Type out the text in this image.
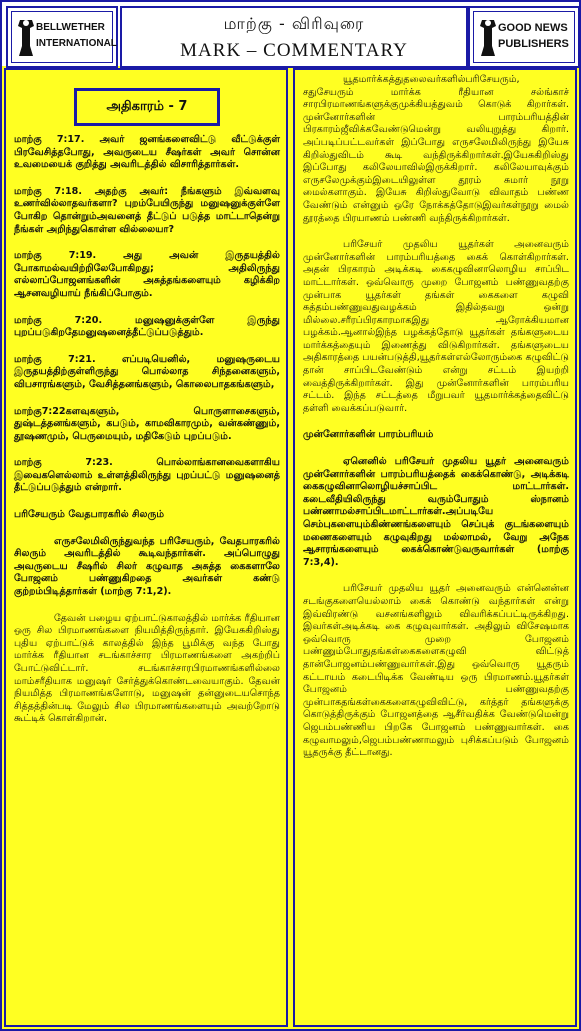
BELLWETHER
INTERNATIONAL
மாற்கு - விரிவுரை
MARK – COMMENTARY
GOOD NEWS
PUBLISHERS
அதிகாரம் - 7

மாற்கு 7:17. அவர் ஜனங்களைவிட்டு வீட்டுக்குள் பிரவேசித்தபோது, அவருடைய சீஷர்கள் அவர் சொன்ன உவமையைக் குறித்து அவரிடத்தில் விசாரித்தார்கள்.

மாற்கு 7:18. அதற்கு அவர்: நீங்களும் இவ்வளவு உணர்வில்லாதவர்களா? புறம்பேயிருந்து மனுஷனுக்குள்ளே போகிற தொன்றும்அவனைத் தீட்டுப் படுத்த மாட்டாதென்று நீங்கள் அறிந்துகொள்ள வில்லையா?

மாற்கு 7:19. அது அவன் இருதயத்தில் போகாமல்வயிற்றிலேபோகிறது; அதிலிருந்து எல்லாப்போஜனங்களின் அசுத்தங்களையும் கழிக்கிற ஆசனவழியாய் நீங்கிப்போகும்.

மாற்கு 7:20. மனுஷனுக்குள்ளே இருந்து புறப்படுகிறதேமனுஷனைத்தீட்டுப்படுத்தும்.

மாற்கு 7:21. எப்படியெனில், மனுஷருடைய இருதயத்திற்குள்ளிருந்து பொல்லாத சிந்தனைகளும், விபசாரங்களும், வேசித்தனங்களும், கொலைபாதகங்களும்,

மாற்கு7:22களவுகளும், பொருளாசைகளும், துஷ்டத்தனங்களும், கபடும், காமவிகாரமும், வன்கண்ணும், தூஷணமும், பெருமையும், மதிகேடும் புறப்படும்.

மாற்கு 7:23. பொல்லாங்கானவைகளாகிய இவைகளெல்லாம் உள்ளத்திலிருந்து புறப்பட்டு மனுஷனைத் தீட்டுப்படுத்தும் என்றார்.

பரிசேயரும் வேதபாரகரில் சிலரும்

எருசலேமிலிருந்துவந்த பரிசேயரும், வேதபாரகரில் சிலரும் அவரிடத்தில் கூடிவந்தார்கள். அப்பொழுது அவருடைய சீஷரில் சிலர் கழுவாத அசுத்த கைகளாலே போஜனம் பண்ணுகிறதை அவர்கள் கண்டு குற்றம்பிடித்தார்கள் (மாற்கு 7:1,2).

தேவன் பழைய ஏற்பாட்டுகாலத்தில் மார்க்க ரீதியான ஒரு சில பிரமாணங்களை நியமித்திருந்தார். இயேசுகிறிஸ்து புதிய ஏற்பாட்டுக் காலத்தில் இந்த பூமிக்கு வந்த போது மார்க்க ரீதியான சடங்காச்சார பிரமாணங்களை அகற்றிப் போட்டுவிட்டார். சடங்காச்சாரபிரமாணங்களில்லை மாம்சரீதியாக மனுஷர் சேர்த்துக்கொண்டவையாகும். தேவன் நியமித்த பிரமாணங்களோடு, மனுஷன் தன்னுடையசொந்த சித்தத்தின்படி மேலும் சில பிரமாணங்களையும் அவற்றோடு கூட்டிக் கொள்கிறான்.

யூதமார்க்கத்துதலைவர்களில்பரிசேயரும், சதுசேயரும் மார்க்க ரீதியான சல்ங்காச் சாரபிரமாணங்களுக்குமுக்கியத்துவம் கொடுக் கிறார்கள். முன்னோர்களின் பாரம்பரியத்தின் பிரகாரம்ஜீவிக்கவேண்டுமென்று வலியுறுத்து கிறார். அப்படிப்பட்டவர்கள் இப்போது எருசலேமிலிருந்து இயேசு கிறிஸ்துவிடம் கூடி வந்திருக்கிறார்கள்.இயேசுகிறிஸ்து இப்போது கலிலேயாவில்இருக்கிறார். கலிலேயாவுக்கும் எருசலேமுக்கும்இடையிலுள்ள தூரம் சுமார் நூறு மைல்களாகும். இயேசு கிறிஸ்துவோடு விவாதம் பண்ண வேண்டும் என்னும் ஒரே நோக்கத்தோடுஇவர்கள்நூறு மைல் தூரத்தை பிரயாணம் பண்ணி வந்திருக்கிறார்கள்.

பரிசேயர் முதலிய யூதர்கள் அனைவரும் முன்னோர்களின் பாரம்பரியத்தை கைக் கொள்கிறார்கள். அதன் பிரகாரம் அடிக்கடி கைகழுவினாலொழிய சாப்பிட மாட்டார்கள். ஒவ்வொரு முறை போஜனம் பண்ணுவதற்கு முன்பாக யூதர்கள் தங்கள் கைகளை கழுவி சுத்தம்பண்ணுவதுவழக்கம் இதில்தவறு ஒன்று மில்லை.சரீரப்பிரகாரமாகஇது ஆரோக்கியமான பழக்கம்.ஆனால்இந்த பழக்கத்தோடு யூதர்கள் தங்களுடைய மார்க்கத்தையும் இணைத்து விடுகிறார்கள். தங்களுடைய அதிகாரத்தை பயன்படுத்தி,யூதர்கள்எல்லோரும்கை கழுவிட்டு தான் சாப்பிடவேண்டும் என்று சட்டம் இயற்றி வைத்திருக்கிறார்கள். இது முன்னோர்களின் பாரம்பரிய சட்டம். இந்த சட்டத்தை மீறுபவர் யூதமார்க்கத்தைவிட்டு தள்ளி வைக்கப்படுவார்.

முன்னோர்களின் பாரம்பரியம்

ஏனெனில் பரிசேயர் முதலிய யூதர் அனைவரும் முன்னோர்களின் பாரம்பரியத்தைக் கைக்கொண்டு, அடிக்கடி கைகழுவினாலொழியச்சாப்பிட மாட்டார்கள். கடைவீதியிலிருந்து வரும்போதும் ஸ்நானம் பண்ணாமல்சாப்பிடமாட்டார்கள்.அப்படியே செம்புகளையும்கிண்ணங்களையும் செப்புக் குடங்களையும் மணைகளையும் கழுவுகிறது மல்லாமல், வேறு அநேக ஆசாரங்களையும் கைக்கொண்டுவருவார்கள் (மாற்கு 7:3,4).

பரிசேயர் முதலிய யூதர் அனைவரும் என்னென்ன சடங்குகளையெல்லாம் கைக் கொண்டு வந்தார்கள் என்று இவ்விரண்டு வசனங்களிலும் விவரிக்கப்பட்டிருக்கிறது. இவர்கள்அடிக்கடி கை கழுவுவார்கள். அதிலும் விசேஷமாக ஒவ்வொரு முறை போஜனம் பண்ணும்போதுதங்கள்கைகளைகழுவி விட்டுத் தான்போஜனம்பண்ணுவார்கள்.இது ஒவ்வொரு யூதரும் கட்டாயம் கடைபிடிக்க வேண்டிய ஒரு பிரமாணம்.யூதர்கள் போஜனம் பண்ணுவதற்கு முன்பாகதங்கள்கைகளைகழுவிவிட்டு, கர்த்தர் தங்களுக்கு கொடுத்திருக்கும் போஜனத்தை ஆசீர்வதிக்க வேண்டுமென்று ஜெபம்பண்ணிய பிறகே போஜனம் பண்ணுவார்கள். கை கழுவாமலும்,ஜெபம்பண்ணாமலும் புசிக்கப்படும் போஜனம் யூதருக்கு தீட்டானது.
